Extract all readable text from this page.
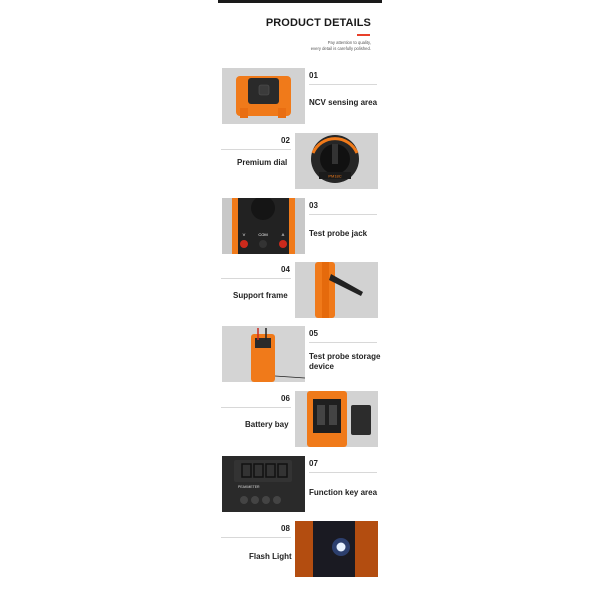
PRODUCT DETAILS
Pay attention to quality,
every detail is carefully polished.
01
NCV sensing area
02
Premium dial
PM18C
V	COM	A
03
Test probe jack
04
Support frame
05
Test probe storage
device
06
Battery bay
PEAKMETER
07
Function key area
08
Flash Light
